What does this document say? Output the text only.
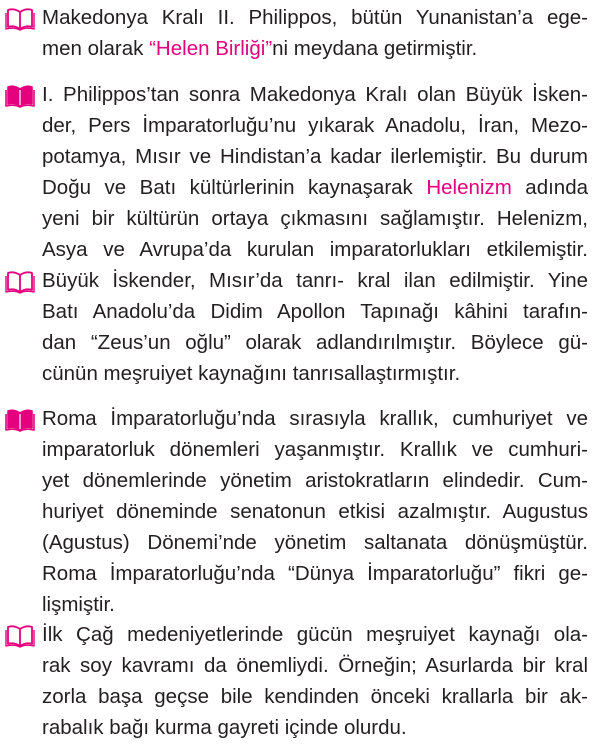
Makedonya Kralı II. Philippos, bütün Yunanistan’a ege-
men olarak “Helen Birliği”ni meydana getirmiştir.
I. Philippos’tan sonra Makedonya Kralı olan Büyük İsken-
der, Pers İmparatorluğu’nu yıkarak Anadolu, İran, Mezo-
potamya, Mısır ve Hindistan’a kadar ilerlemiştir. Bu durum
Doğu ve Batı kültürlerinin kaynaşarak Helenizm adında
yeni bir kültürün ortaya çıkmasını sağlamıştır. Helenizm,
Asya ve Avrupa’da kurulan imparatorlukları etkilemiştir.
Büyük İskender, Mısır’da tanrı- kral ilan edilmiştir. Yine
Batı Anadolu’da Didim Apollon Tapınağı kâhini tarafın-
dan “Zeus’un oğlu” olarak adlandırılmıştır. Böylece gü-
cünün meşruiyet kaynağını tanrısallaştırmıştır.
Roma İmparatorluğu’nda sırasıyla krallık, cumhuriyet ve
imparatorluk dönemleri yaşanmıştır. Krallık ve cumhuri-
yet dönemlerinde yönetim aristokratların elindedir. Cum-
huriyet döneminde senatonun etkisi azalmıştır. Augustus
(Agustus) Dönemi’nde yönetim saltanata dönüşmüştür.
Roma İmparatorluğu’nda “Dünya İmparatorluğu” fikri ge-
lişmiştir.
İlk Çağ medeniyetlerinde gücün meşruiyet kaynağı ola-
rak soy kavramı da önemliydi. Örneğin; Asurlarda bir kral
zorla başa geçse bile kendinden önceki krallarla bir ak-
rabalık bağı kurma gayreti içinde olurdu.
